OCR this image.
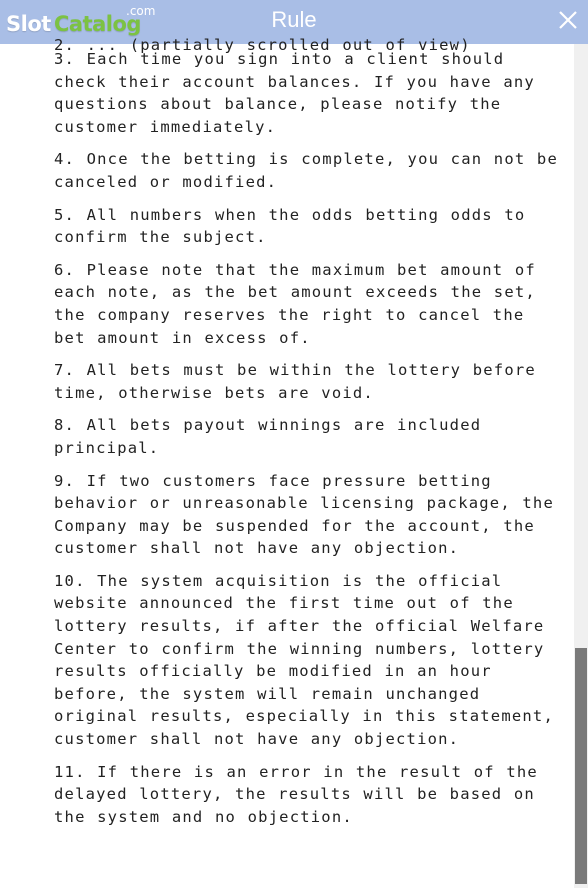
Slot Catalog
.com	Rule

2. ... (partially scrolled out of view)

3. Each time you sign into a client should check their account balances. If you have any questions about balance, please notify the customer immediately.

4. Once the betting is complete, you can not be canceled or modified.

5. All numbers when the odds betting odds to confirm the subject.

6. Please note that the maximum bet amount of each note, as the bet amount exceeds the set, the company reserves the right to cancel the bet amount in excess of.

7. All bets must be within the lottery before time, otherwise bets are void.

8. All bets payout winnings are included principal.

9. If two customers face pressure betting behavior or unreasonable licensing package, the Company may be suspended for the account, the customer shall not have any objection.

10. The system acquisition is the official website announced the first time out of the lottery results, if after the official Welfare Center to confirm the winning numbers, lottery results officially be modified in an hour before, the system will remain unchanged original results, especially in this statement, customer shall not have any objection.

11. If there is an error in the result of the delayed lottery, the results will be based on the system and no objection.
